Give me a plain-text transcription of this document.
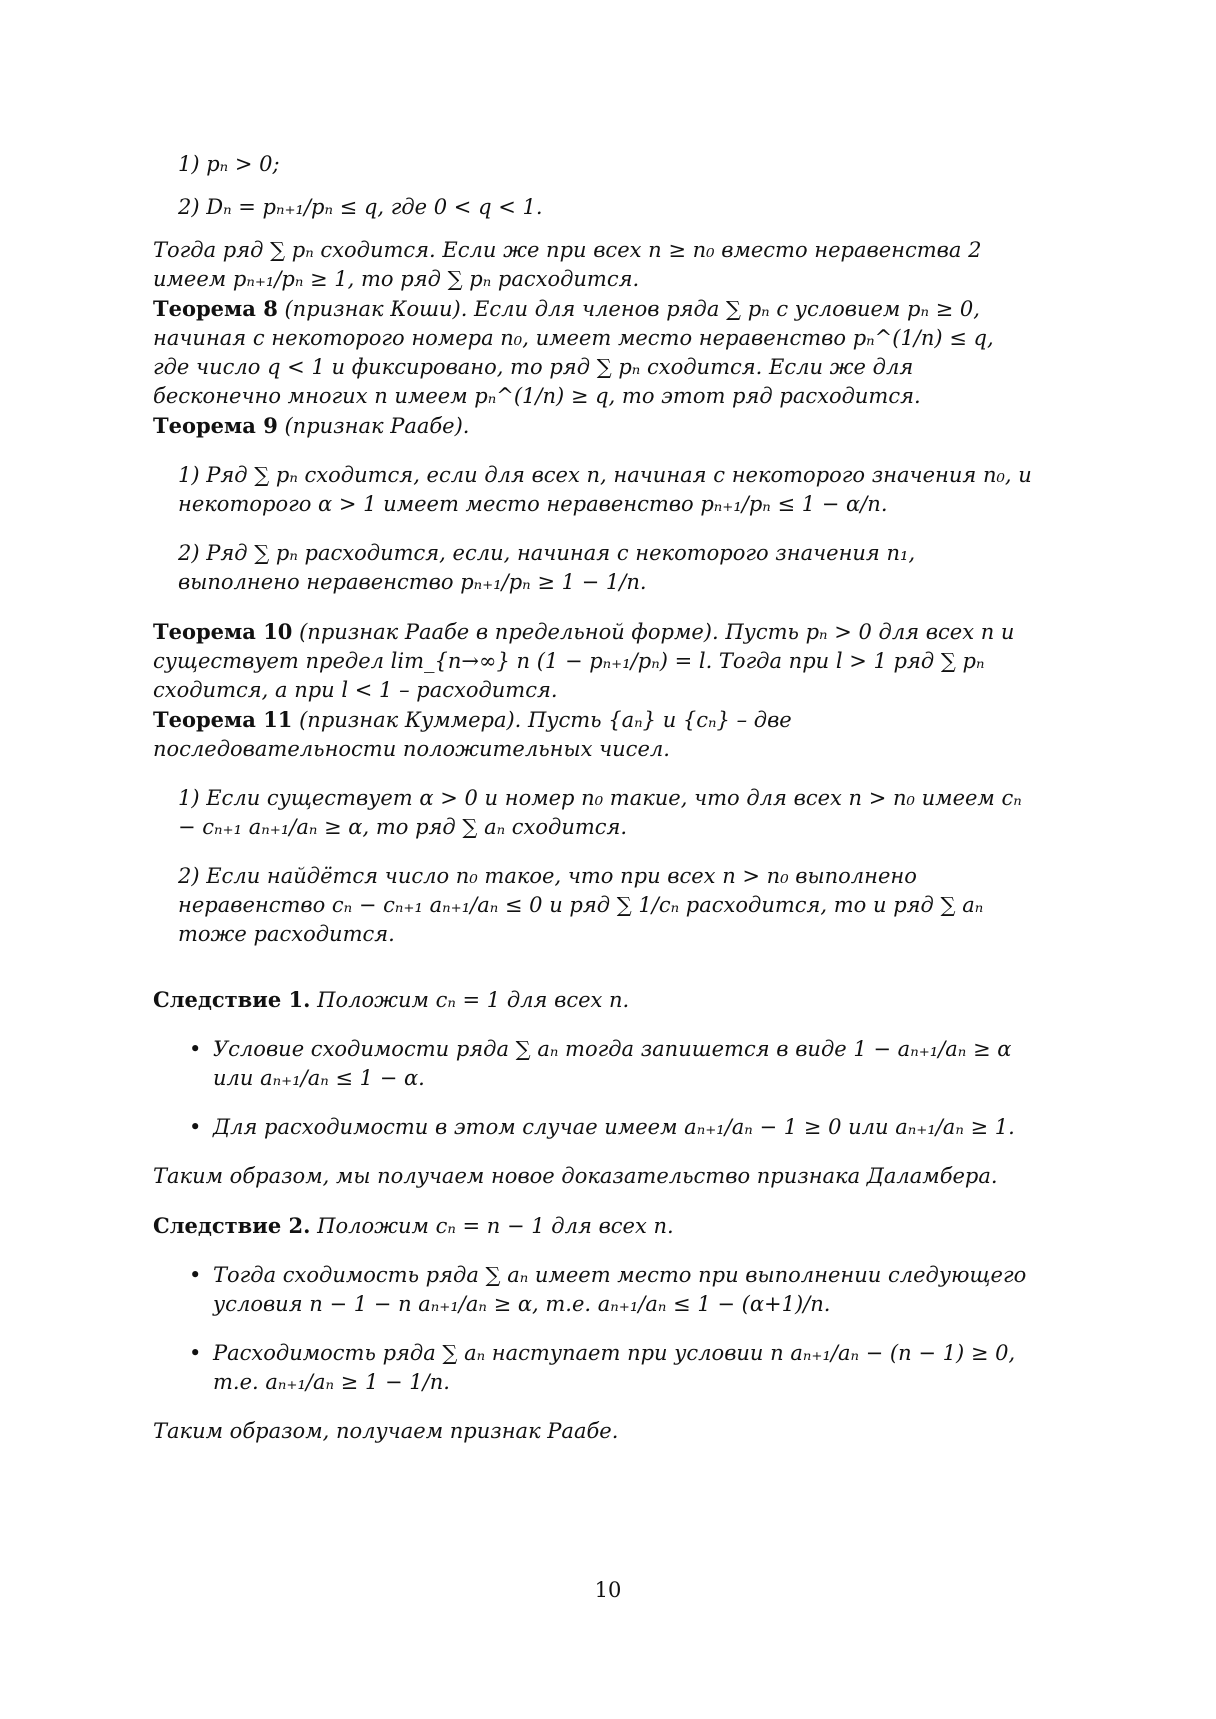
1) pₙ > 0;

2) Dₙ = pₙ₊₁/pₙ ≤ q, где 0 < q < 1.

Тогда ряд ∑ pₙ сходится. Если же при всех n ≥ n₀ вместо неравенства 2 имеем pₙ₊₁/pₙ ≥ 1, то ряд ∑ pₙ расходится.

Теорема 8 (признак Коши). Если для членов ряда ∑ pₙ с условием pₙ ≥ 0, начиная с некоторого номера n₀, имеет место неравенство pₙ^(1/n) ≤ q, где число q < 1 и фиксировано, то ряд ∑ pₙ сходится. Если же для бесконечно многих n имеем pₙ^(1/n) ≥ q, то этот ряд расходится.

Теорема 9 (признак Раабе).

1) Ряд ∑ pₙ сходится, если для всех n, начиная с некоторого значения n₀, и некоторого α > 1 имеет место неравенство pₙ₊₁/pₙ ≤ 1 − α/n.

2) Ряд ∑ pₙ расходится, если, начиная с некоторого значения n₁, выполнено неравенство pₙ₊₁/pₙ ≥ 1 − 1/n.

Теорема 10 (признак Раабе в предельной форме). Пусть pₙ > 0 для всех n и существует предел lim_{n→∞} n (1 − pₙ₊₁/pₙ) = l. Тогда при l > 1 ряд ∑ pₙ сходится, а при l < 1 – расходится.

Теорема 11 (признак Куммера). Пусть {aₙ} и {cₙ} – две последовательности положительных чисел.

1) Если существует α > 0 и номер n₀ такие, что для всех n > n₀ имеем cₙ − cₙ₊₁ aₙ₊₁/aₙ ≥ α, то ряд ∑ aₙ сходится.

2) Если найдётся число n₀ такое, что при всех n > n₀ выполнено неравенство cₙ − cₙ₊₁ aₙ₊₁/aₙ ≤ 0 и ряд ∑ 1/cₙ расходится, то и ряд ∑ aₙ тоже расходится.

Следствие 1. Положим cₙ = 1 для всех n.

• Условие сходимости ряда ∑ aₙ тогда запишется в виде 1 − aₙ₊₁/aₙ ≥ α или aₙ₊₁/aₙ ≤ 1 − α.
• Для расходимости в этом случае имеем aₙ₊₁/aₙ − 1 ≥ 0 или aₙ₊₁/aₙ ≥ 1.

Таким образом, мы получаем новое доказательство признака Даламбера.

Следствие 2. Положим cₙ = n − 1 для всех n.

• Тогда сходимость ряда ∑ aₙ имеет место при выполнении следующего условия n − 1 − n aₙ₊₁/aₙ ≥ α, т.е. aₙ₊₁/aₙ ≤ 1 − (α+1)/n.
• Расходимость ряда ∑ aₙ наступает при условии n aₙ₊₁/aₙ − (n − 1) ≥ 0, т.е. aₙ₊₁/aₙ ≥ 1 − 1/n.

Таким образом, получаем признак Раабе.

10
